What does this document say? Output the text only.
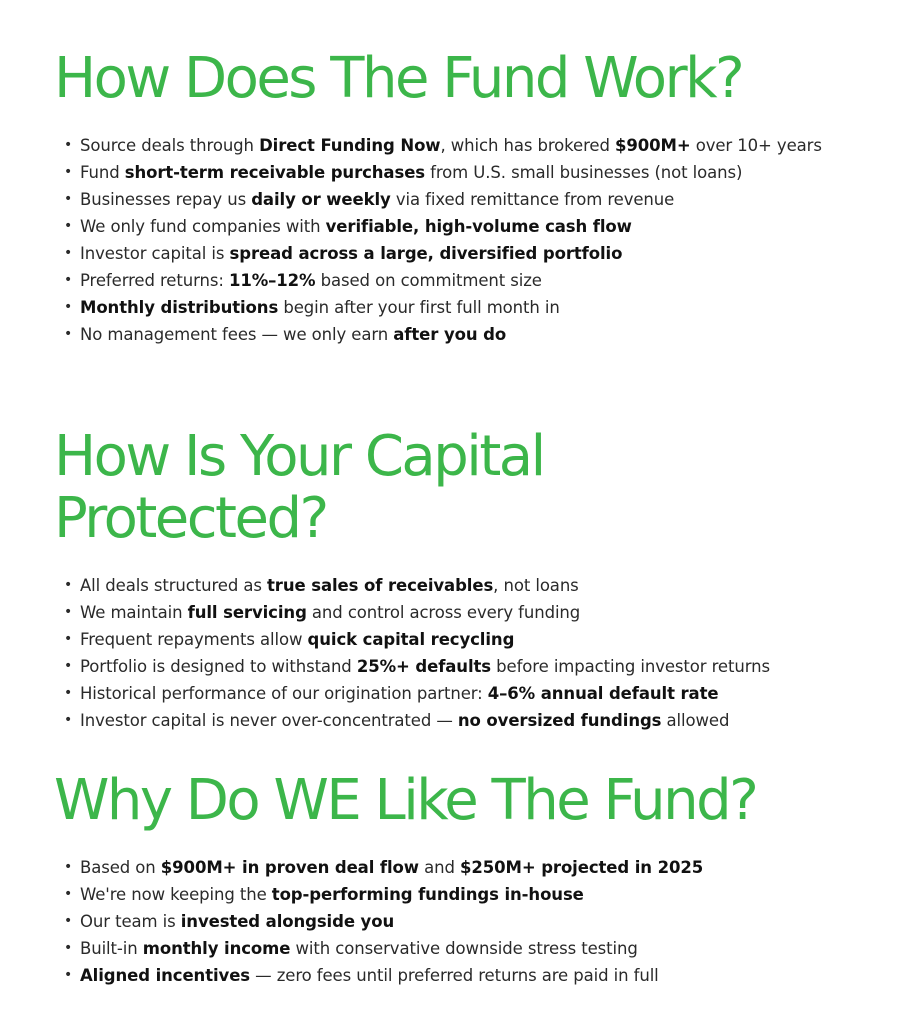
How Does The Fund Work?
• Source deals through Direct Funding Now, which has brokered $900M+ over 10+ years
• Fund short-term receivable purchases from U.S. small businesses (not loans)
• Businesses repay us daily or weekly via fixed remittance from revenue
• We only fund companies with verifiable, high-volume cash flow
• Investor capital is spread across a large, diversified portfolio
• Preferred returns: 11%–12% based on commitment size
• Monthly distributions begin after your first full month in
• No management fees — we only earn after you do
How Is Your Capital Protected?
• All deals structured as true sales of receivables, not loans
• We maintain full servicing and control across every funding
• Frequent repayments allow quick capital recycling
• Portfolio is designed to withstand 25%+ defaults before impacting investor returns
• Historical performance of our origination partner: 4–6% annual default rate
• Investor capital is never over-concentrated — no oversized fundings allowed
Why Do WE Like The Fund?
• Based on $900M+ in proven deal flow and $250M+ projected in 2025
• We're now keeping the top-performing fundings in-house
• Our team is invested alongside you
• Built-in monthly income with conservative downside stress testing
• Aligned incentives — zero fees until preferred returns are paid in full
